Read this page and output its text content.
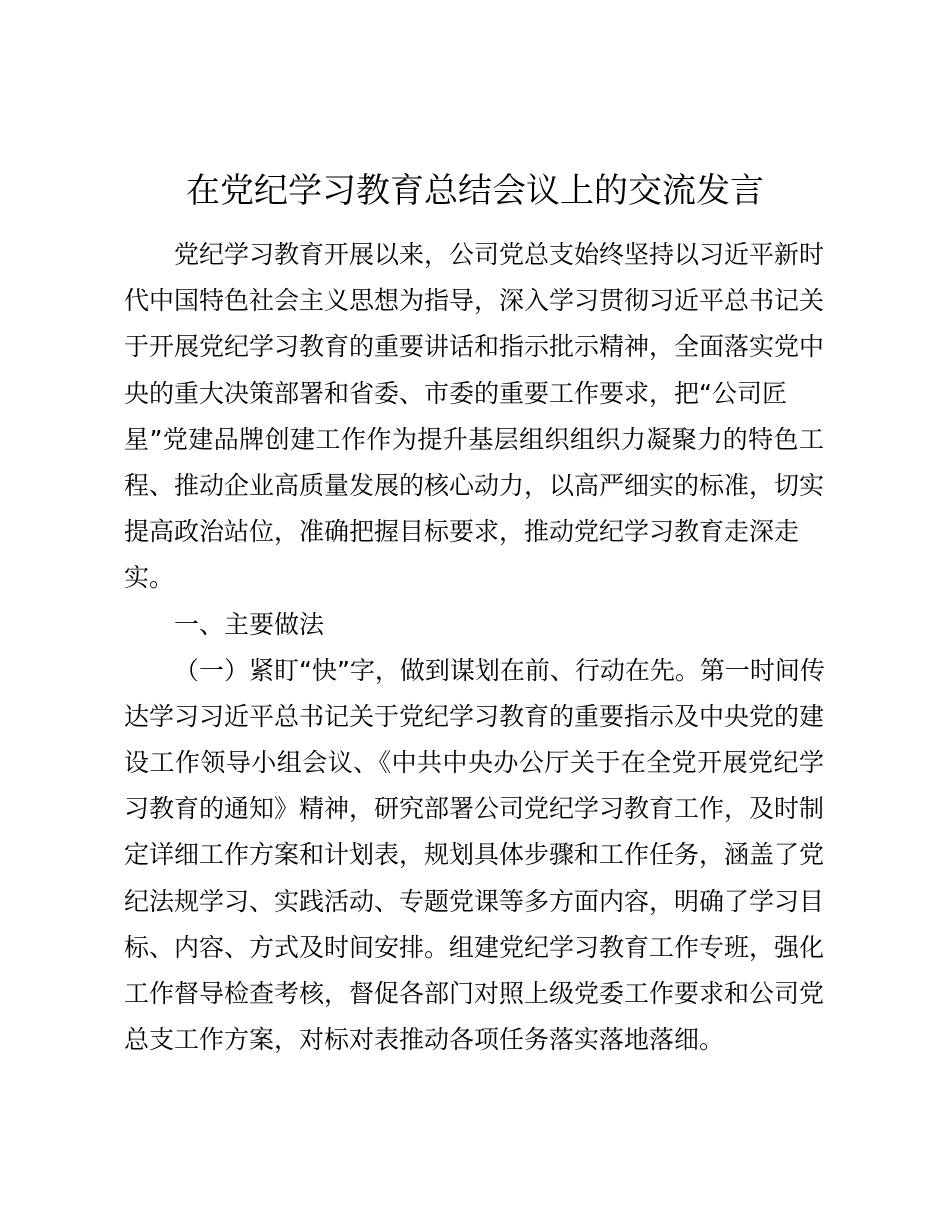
在党纪学习教育总结会议上的交流发言
党纪学习教育开展以来，公司党总支始终坚持以习近平新时
代中国特色社会主义思想为指导，深入学习贯彻习近平总书记关
于开展党纪学习教育的重要讲话和指示批示精神，全面落实党中
央的重大决策部署和省委、市委的重要工作要求，把“公司匠
星”党建品牌创建工作作为提升基层组织组织力凝聚力的特色工
程、推动企业高质量发展的核心动力，以高严细实的标准，切实
提高政治站位，准确把握目标要求，推动党纪学习教育走深走
实。
一、主要做法
（一）紧盯“快”字，做到谋划在前、行动在先。第一时间传
达学习习近平总书记关于党纪学习教育的重要指示及中央党的建
设工作领导小组会议、《中共中央办公厅关于在全党开展党纪学
习教育的通知》精神，研究部署公司党纪学习教育工作，及时制
定详细工作方案和计划表，规划具体步骤和工作任务，涵盖了党
纪法规学习、实践活动、专题党课等多方面内容，明确了学习目
标、内容、方式及时间安排。组建党纪学习教育工作专班，强化
工作督导检查考核，督促各部门对照上级党委工作要求和公司党
总支工作方案，对标对表推动各项任务落实落地落细。
